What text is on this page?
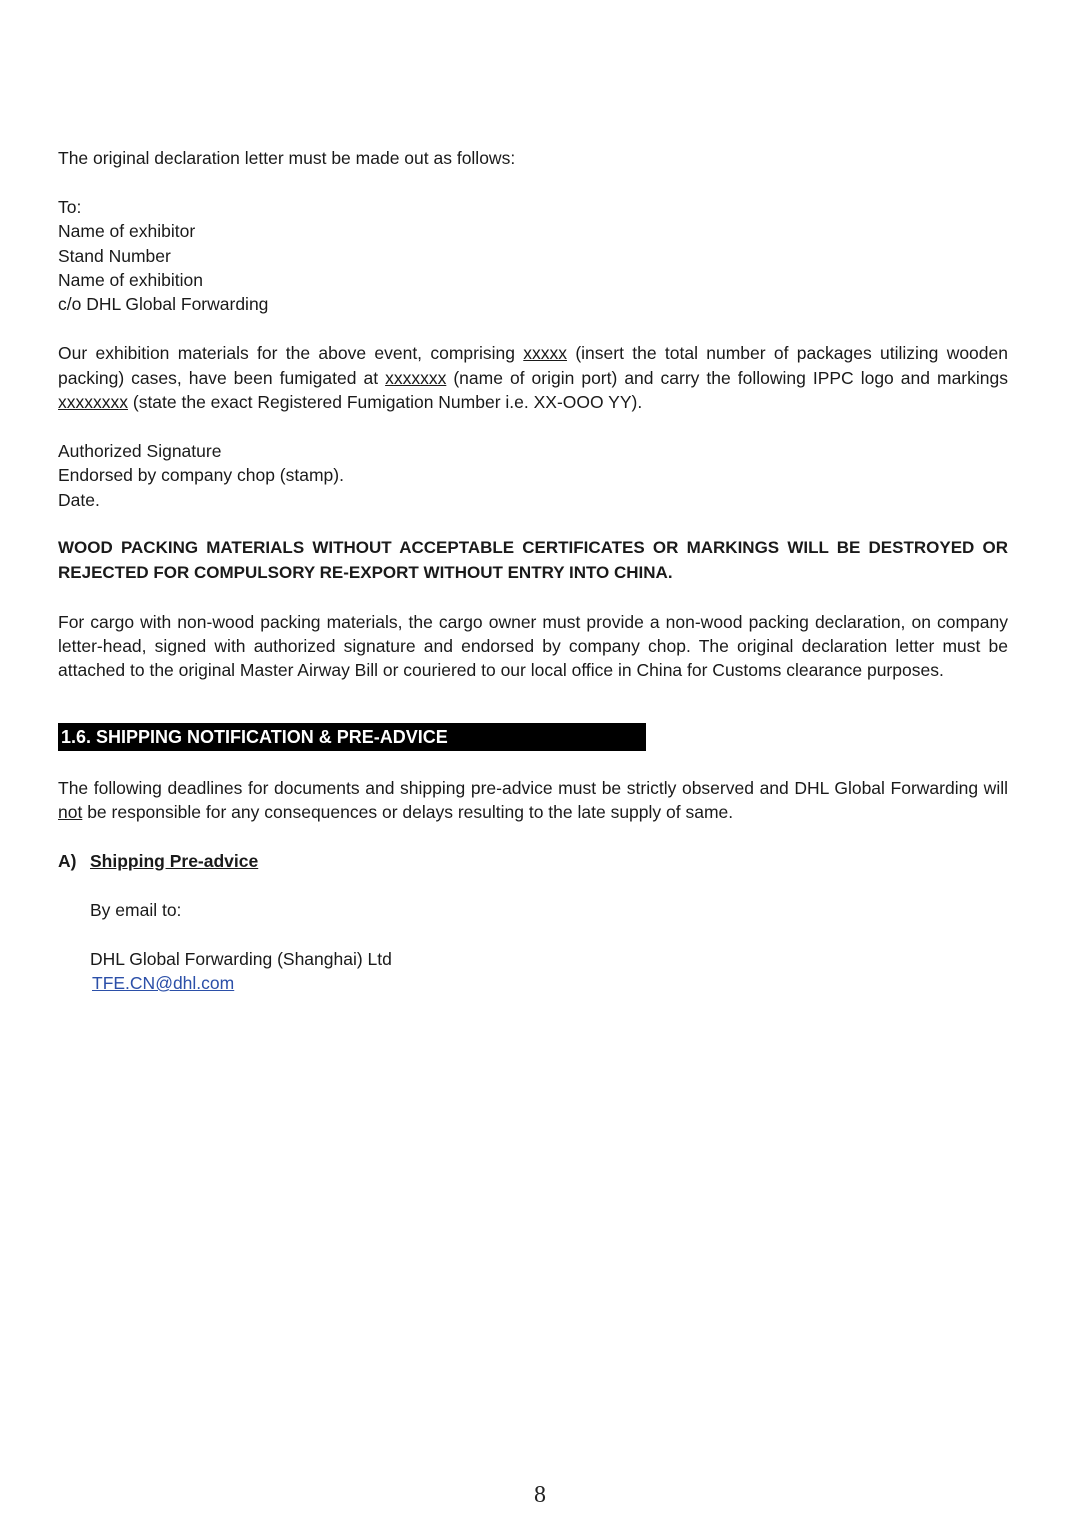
The original declaration letter must be made out as follows:

To:

Name of exhibitor

Stand Number

Name of exhibition

c/o DHL Global Forwarding

Our exhibition materials for the above event, comprising xxxxx (insert the total number of packages utilizing wooden packing) cases, have been fumigated at xxxxxxx (name of origin port) and carry the following IPPC logo and markings xxxxxxxx (state the exact Registered Fumigation Number i.e. XX-OOO YY).

Authorized Signature

Endorsed by company chop (stamp).

Date.

WOOD PACKING MATERIALS WITHOUT ACCEPTABLE CERTIFICATES OR MARKINGS WILL BE DESTROYED OR REJECTED FOR COMPULSORY RE-EXPORT WITHOUT ENTRY INTO CHINA.

For cargo with non-wood packing materials, the cargo owner must provide a non-wood packing declaration, on company letter-head, signed with authorized signature and endorsed by company chop. The original declaration letter must be attached to the original Master Airway Bill or couriered to our local office in China for Customs clearance purposes.

1.6. SHIPPING NOTIFICATION & PRE-ADVICE

The following deadlines for documents and shipping pre-advice must be strictly observed and DHL Global Forwarding will not be responsible for any consequences or delays resulting to the late supply of same.

A) Shipping Pre-advice

By email to:

DHL Global Forwarding (Shanghai) Ltd

TFE.CN@dhl.com

8
